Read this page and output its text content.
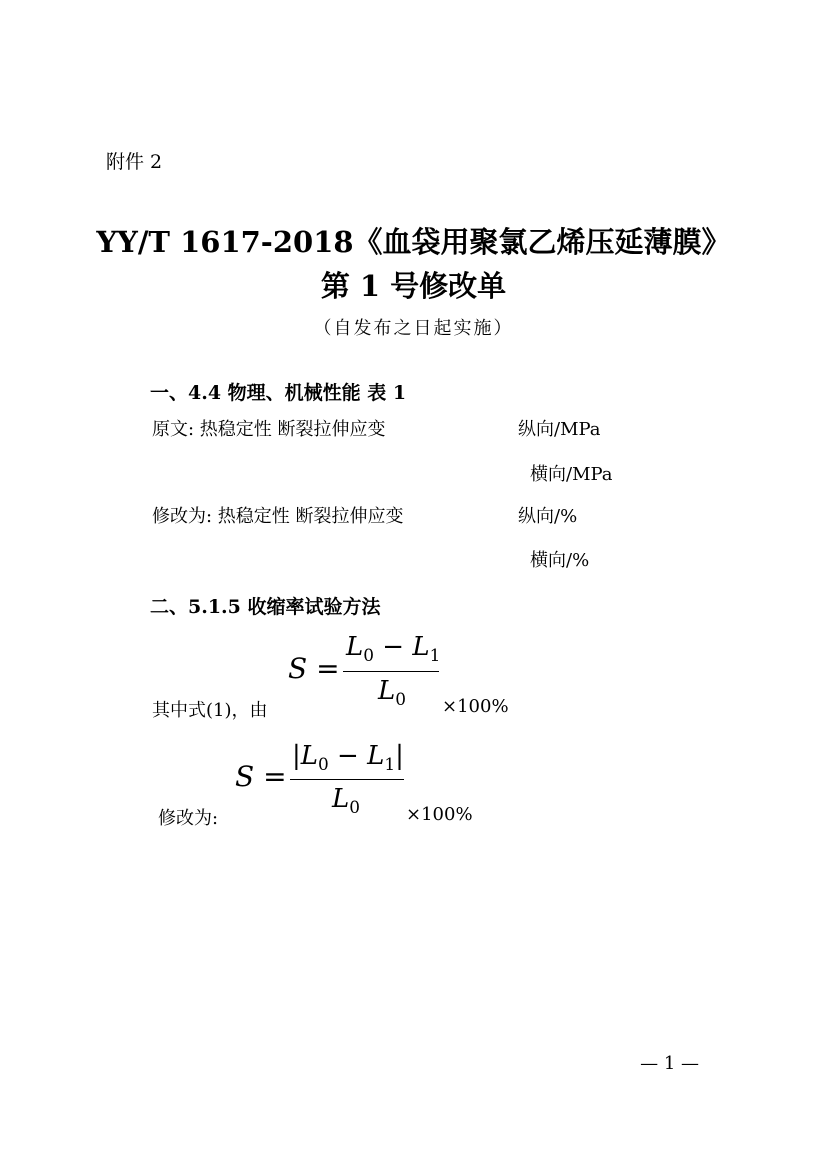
附件 2
YY/T 1617-2018《血袋用聚氯乙烯压延薄膜》
第 1 号修改单
（自发布之日起实施）
一、4.4 物理、机械性能 表 1
原文: 热稳定性 断裂拉伸应变	纵向/MPa
横向/MPa
修改为: 热稳定性 断裂拉伸应变	纵向/%
横向/%
二、5.1.5 收缩率试验方法
其中式(1)，由
S =
$L_0 - L_1$
$L_0 \times 100\%$
修改为:
S =
$|L_0 - L_1|$
$L_0$	×100%
— 1 —
